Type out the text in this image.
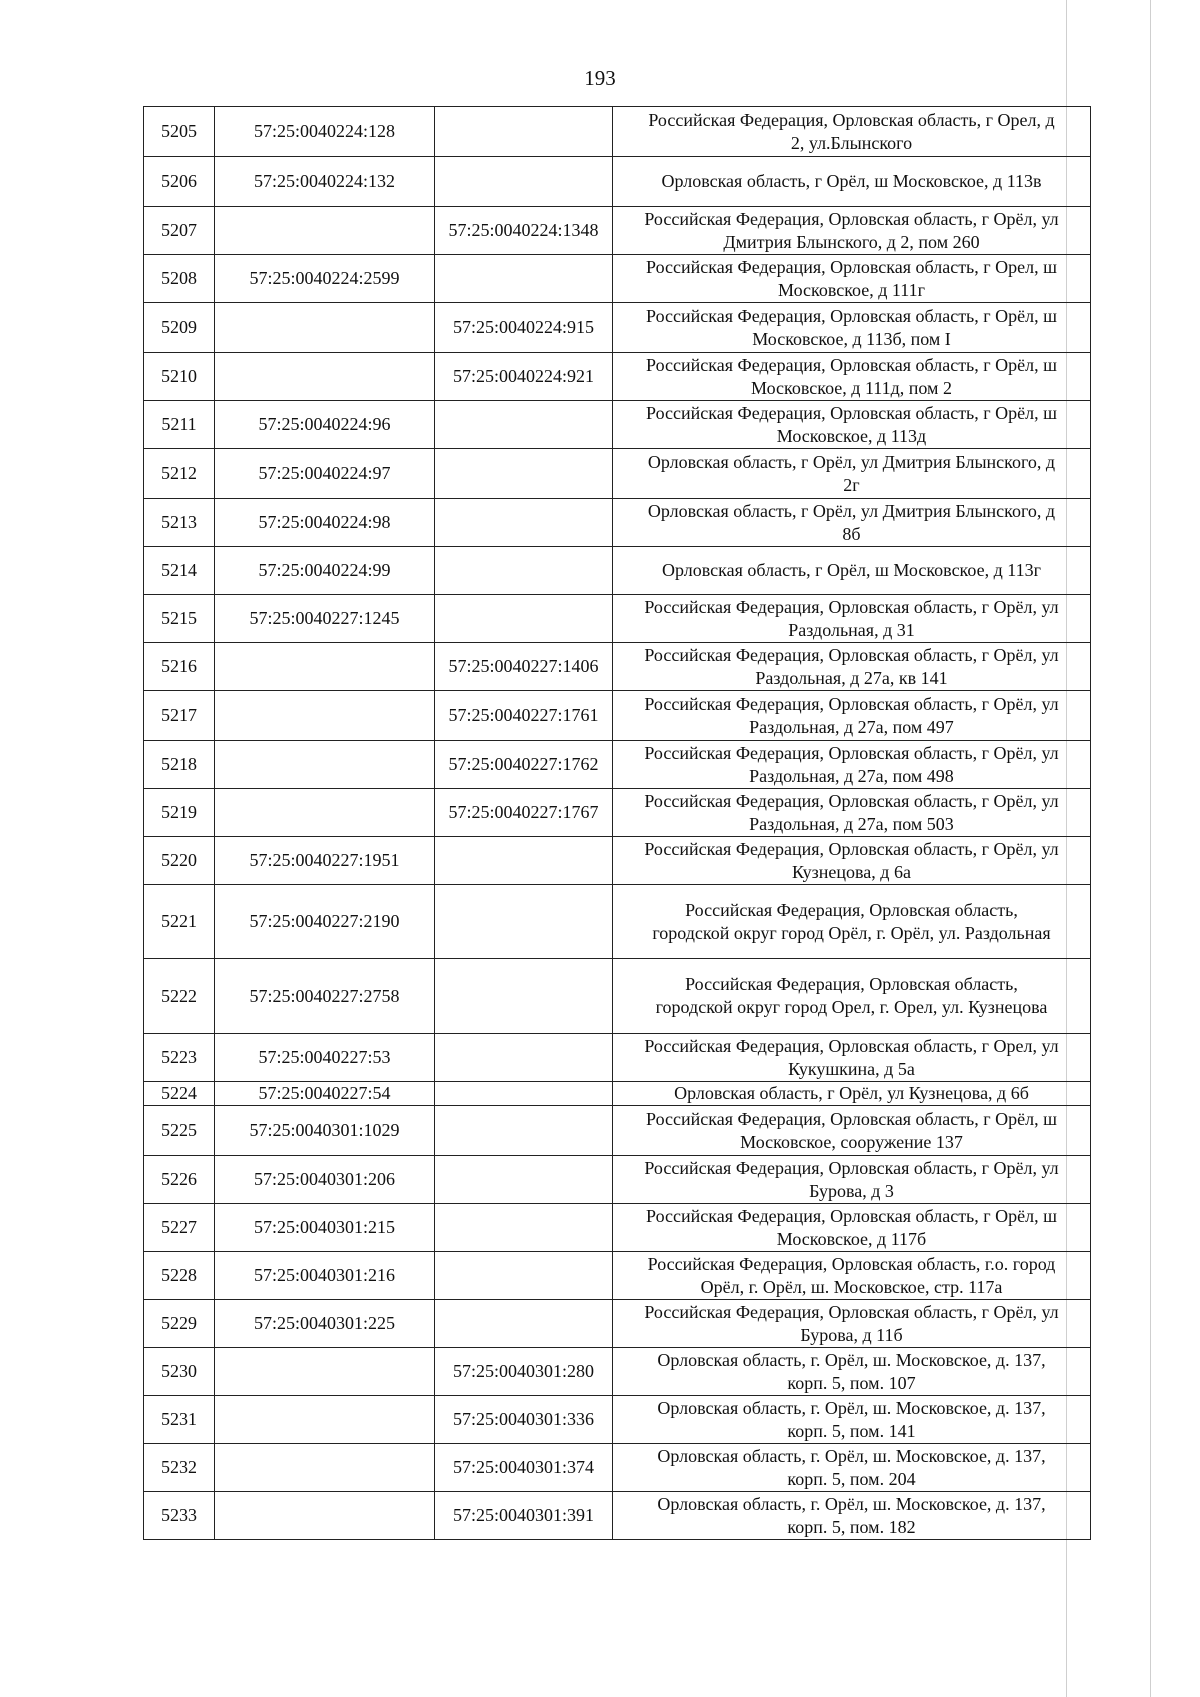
193
5205	57:25:0040224:128		Российская Федерация, Орловская область, г Орел, д
2, ул.Блынского

5206	57:25:0040224:132		Орловская область, г Орёл, ш Московское, д 113в

5207		57:25:0040224:1348	Российская Федерация, Орловская область, г Орёл, ул
Дмитрия Блынского, д 2, пом 260

5208	57:25:0040224:2599		Российская Федерация, Орловская область, г Орел, ш
Московское, д 111г

5209		57:25:0040224:915	Российская Федерация, Орловская область, г Орёл, ш
Московское, д 113б, пом I

5210		57:25:0040224:921	Российская Федерация, Орловская область, г Орёл, ш
Московское, д 111д, пом 2

5211	57:25:0040224:96		Российская Федерация, Орловская область, г Орёл, ш
Московское, д 113д

5212	57:25:0040224:97		Орловская область, г Орёл, ул Дмитрия Блынского, д
2г

5213	57:25:0040224:98		Орловская область, г Орёл, ул Дмитрия Блынского, д
8б

5214	57:25:0040224:99		Орловская область, г Орёл, ш Московское, д 113г

5215	57:25:0040227:1245		Российская Федерация, Орловская область, г Орёл, ул
Раздольная, д 31

5216		57:25:0040227:1406	Российская Федерация, Орловская область, г Орёл, ул
Раздольная, д 27а, кв 141

5217		57:25:0040227:1761	Российская Федерация, Орловская область, г Орёл, ул
Раздольная, д 27а, пом 497

5218		57:25:0040227:1762	Российская Федерация, Орловская область, г Орёл, ул
Раздольная, д 27а, пом 498

5219		57:25:0040227:1767	Российская Федерация, Орловская область, г Орёл, ул
Раздольная, д 27а, пом 503

5220	57:25:0040227:1951		Российская Федерация, Орловская область, г Орёл, ул
Кузнецова, д 6а

5221	57:25:0040227:2190		Российская Федерация, Орловская область,
городской округ город Орёл, г. Орёл, ул. Раздольная

5222	57:25:0040227:2758		Российская Федерация, Орловская область,
городской округ город Орел, г. Орел, ул. Кузнецова

5223	57:25:0040227:53		Российская Федерация, Орловская область, г Орел, ул
Кукушкина, д 5а

5224	57:25:0040227:54		Орловская область, г Орёл, ул Кузнецова, д 6б

5225	57:25:0040301:1029		Российская Федерация, Орловская область, г Орёл, ш
Московское, сооружение 137

5226	57:25:0040301:206		Российская Федерация, Орловская область, г Орёл, ул
Бурова, д 3

5227	57:25:0040301:215		Российская Федерация, Орловская область, г Орёл, ш
Московское, д 117б

5228	57:25:0040301:216		Российская Федерация, Орловская область, г.о. город
Орёл, г. Орёл, ш. Московское, стр. 117а

5229	57:25:0040301:225		Российская Федерация, Орловская область, г Орёл, ул
Бурова, д 11б

5230		57:25:0040301:280	Орловская область, г. Орёл, ш. Московское, д. 137,
корп. 5, пом. 107

5231		57:25:0040301:336	Орловская область, г. Орёл, ш. Московское, д. 137,
корп. 5, пом. 141

5232		57:25:0040301:374	Орловская область, г. Орёл, ш. Московское, д. 137,
корп. 5, пом. 204

5233		57:25:0040301:391	Орловская область, г. Орёл, ш. Московское, д. 137,
корп. 5, пом. 182
